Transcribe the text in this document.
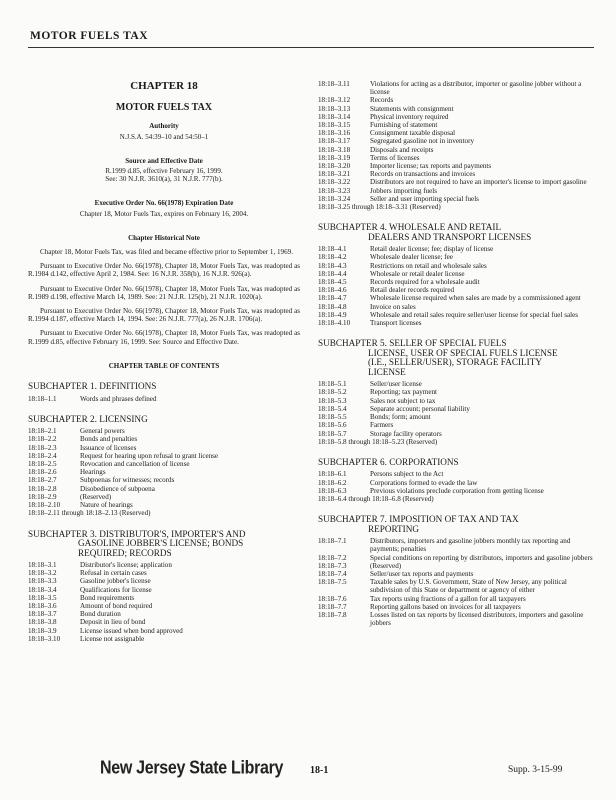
MOTOR FUELS TAX
CHAPTER 18
MOTOR FUELS TAX
Authority
N.J.S.A. 54:39–10 and 54:50–1
Source and Effective Date
R.1999 d.85, effective February 16, 1999.
See: 30 N.J.R. 3610(a), 31 N.J.R. 777(b).
Executive Order No. 66(1978) Expiration Date
Chapter 18, Motor Fuels Tax, expires on February 16, 2004.
Chapter Historical Note

Chapter 18, Motor Fuels Tax, was filed and became effective prior to September 1, 1969.

Pursuant to Executive Order No. 66(1978), Chapter 18, Motor Fuels Tax, was readopted as R.1984 d.142, effective April 2, 1984. See: 16 N.J.R. 358(b), 16 N.J.R. 926(a).

Pursuant to Executive Order No. 66(1978), Chapter 18, Motor Fuels Tax, was readopted as R.1989 d.198, effective March 14, 1989. See: 21 N.J.R. 125(b), 21 N.J.R. 1020(a).

Pursuant to Executive Order No. 66(1978), Chapter 18, Motor Fuels Tax, was readopted as R.1994 d.187, effective March 14, 1994. See: 26 N.J.R. 777(a), 26 N.J.R. 1706(a).

Pursuant to Executive Order No. 66(1978), Chapter 18, Motor Fuels Tax, was readopted as R.1999 d.85, effective February 16, 1999. See: Source and Effective Date.

CHAPTER TABLE OF CONTENTS
SUBCHAPTER 1. DEFINITIONS
18:18–1.1	Words and phrases defined
SUBCHAPTER 2. LICENSING
18:18–2.1	General powers
18:18–2.2	Bonds and penalties
18:18–2.3	Issuance of licenses
18:18–2.4	Request for hearing upon refusal to grant license
18:18–2.5	Revocation and cancellation of license
18:18–2.6	Hearings
18:18–2.7	Subpoenas for witnesses; records
18:18–2.8	Disobedience of subpoena
18:18–2.9	(Reserved)
18:18–2.10	Nature of hearings
18:18–2.11 through 18:18–2.13 (Reserved)
SUBCHAPTER 3. DISTRIBUTOR'S, IMPORTER'S AND
GASOLINE JOBBER'S LICENSE; BONDS
REQUIRED; RECORDS
18:18–3.1	Distributor's license; application
18:18–3.2	Refusal in certain cases
18:18–3.3	Gasoline jobber's license
18:18–3.4	Qualifications for license
18:18–3.5	Bond requirements
18:18–3.6	Amount of bond required
18:18–3.7	Bond duration
18:18–3.8	Deposit in lieu of bond
18:18–3.9	License issued when bond approved
18:18–3.10	License not assignable
18:18–3.11	Violations for acting as a distributor, importer or gasoline jobber without a license
18:18–3.12	Records
18:18–3.13	Statements with consignment
18:18–3.14	Physical inventory required
18:18–3.15	Furnishing of statement
18:18–3.16	Consignment taxable disposal
18:18–3.17	Segregated gasoline not in inventory
18:18–3.18	Disposals and receipts
18:18–3.19	Terms of licenses
18:18–3.20	Importer license; tax reports and payments
18:18–3.21	Records on transactions and invoices
18:18–3.22	Distributors are not required to have an importer's license to import gasoline
18:18–3.23	Jobbers importing fuels
18:18–3.24	Seller and user importing special fuels
18:18–3.25 through 18:18–3.31 (Reserved)
SUBCHAPTER 4. WHOLESALE AND RETAIL
DEALERS AND TRANSPORT LICENSES
18:18–4.1	Retail dealer license; fee; display of license
18:18–4.2	Wholesale dealer license; fee
18:18–4.3	Restrictions on retail and wholesale sales
18:18–4.4	Wholesale or retail dealer license
18:18–4.5	Records required for a wholesale audit
18:18–4.6	Retail dealer records required
18:18–4.7	Wholesale license required when sales are made by a commissioned agent
18:18–4.8	Invoice on sales
18:18–4.9	Wholesale and retail sales require seller/user license for special fuel sales
18:18–4.10	Transport licenses
SUBCHAPTER 5. SELLER OF SPECIAL FUELS
LICENSE, USER OF SPECIAL FUELS LICENSE
(I.E., SELLER/USER), STORAGE FACILITY
LICENSE
18:18–5.1	Seller/user license
18:18–5.2	Reporting; tax payment
18:18–5.3	Sales not subject to tax
18:18–5.4	Separate account; personal liability
18:18–5.5	Bonds; form; amount
18:18–5.6	Farmers
18:18–5.7	Storage facility operators
18:18–5.8 through 18:18–5.23 (Reserved)
SUBCHAPTER 6. CORPORATIONS
18:18–6.1	Persons subject to the Act
18:18–6.2	Corporations formed to evade the law
18:18–6.3	Previous violations preclude corporation from getting license
18:18–6.4 through 18:18–6.8 (Reserved)
SUBCHAPTER 7. IMPOSITION OF TAX AND TAX
REPORTING
18:18–7.1	Distributors, importers and gasoline jobbers monthly tax reporting and payments; penalties
18:18–7.2	Special conditions on reporting by distributors, importers and gasoline jobbers
18:18–7.3	(Reserved)
18:18–7.4	Seller/user tax reports and payments
18:18–7.5	Taxable sales by U.S. Government, State of New Jersey, any political subdivision of this State or department or agency of either
18:18–7.6	Tax reports using fractions of a gallon for all taxpayers
18:18–7.7	Reporting gallons based on invoices for all taxpayers
18:18–7.8	Losses listed on tax reports by licensed distributors, importers and gasoline jobbers
New Jersey State Library	18-1	Supp. 3-15-99
